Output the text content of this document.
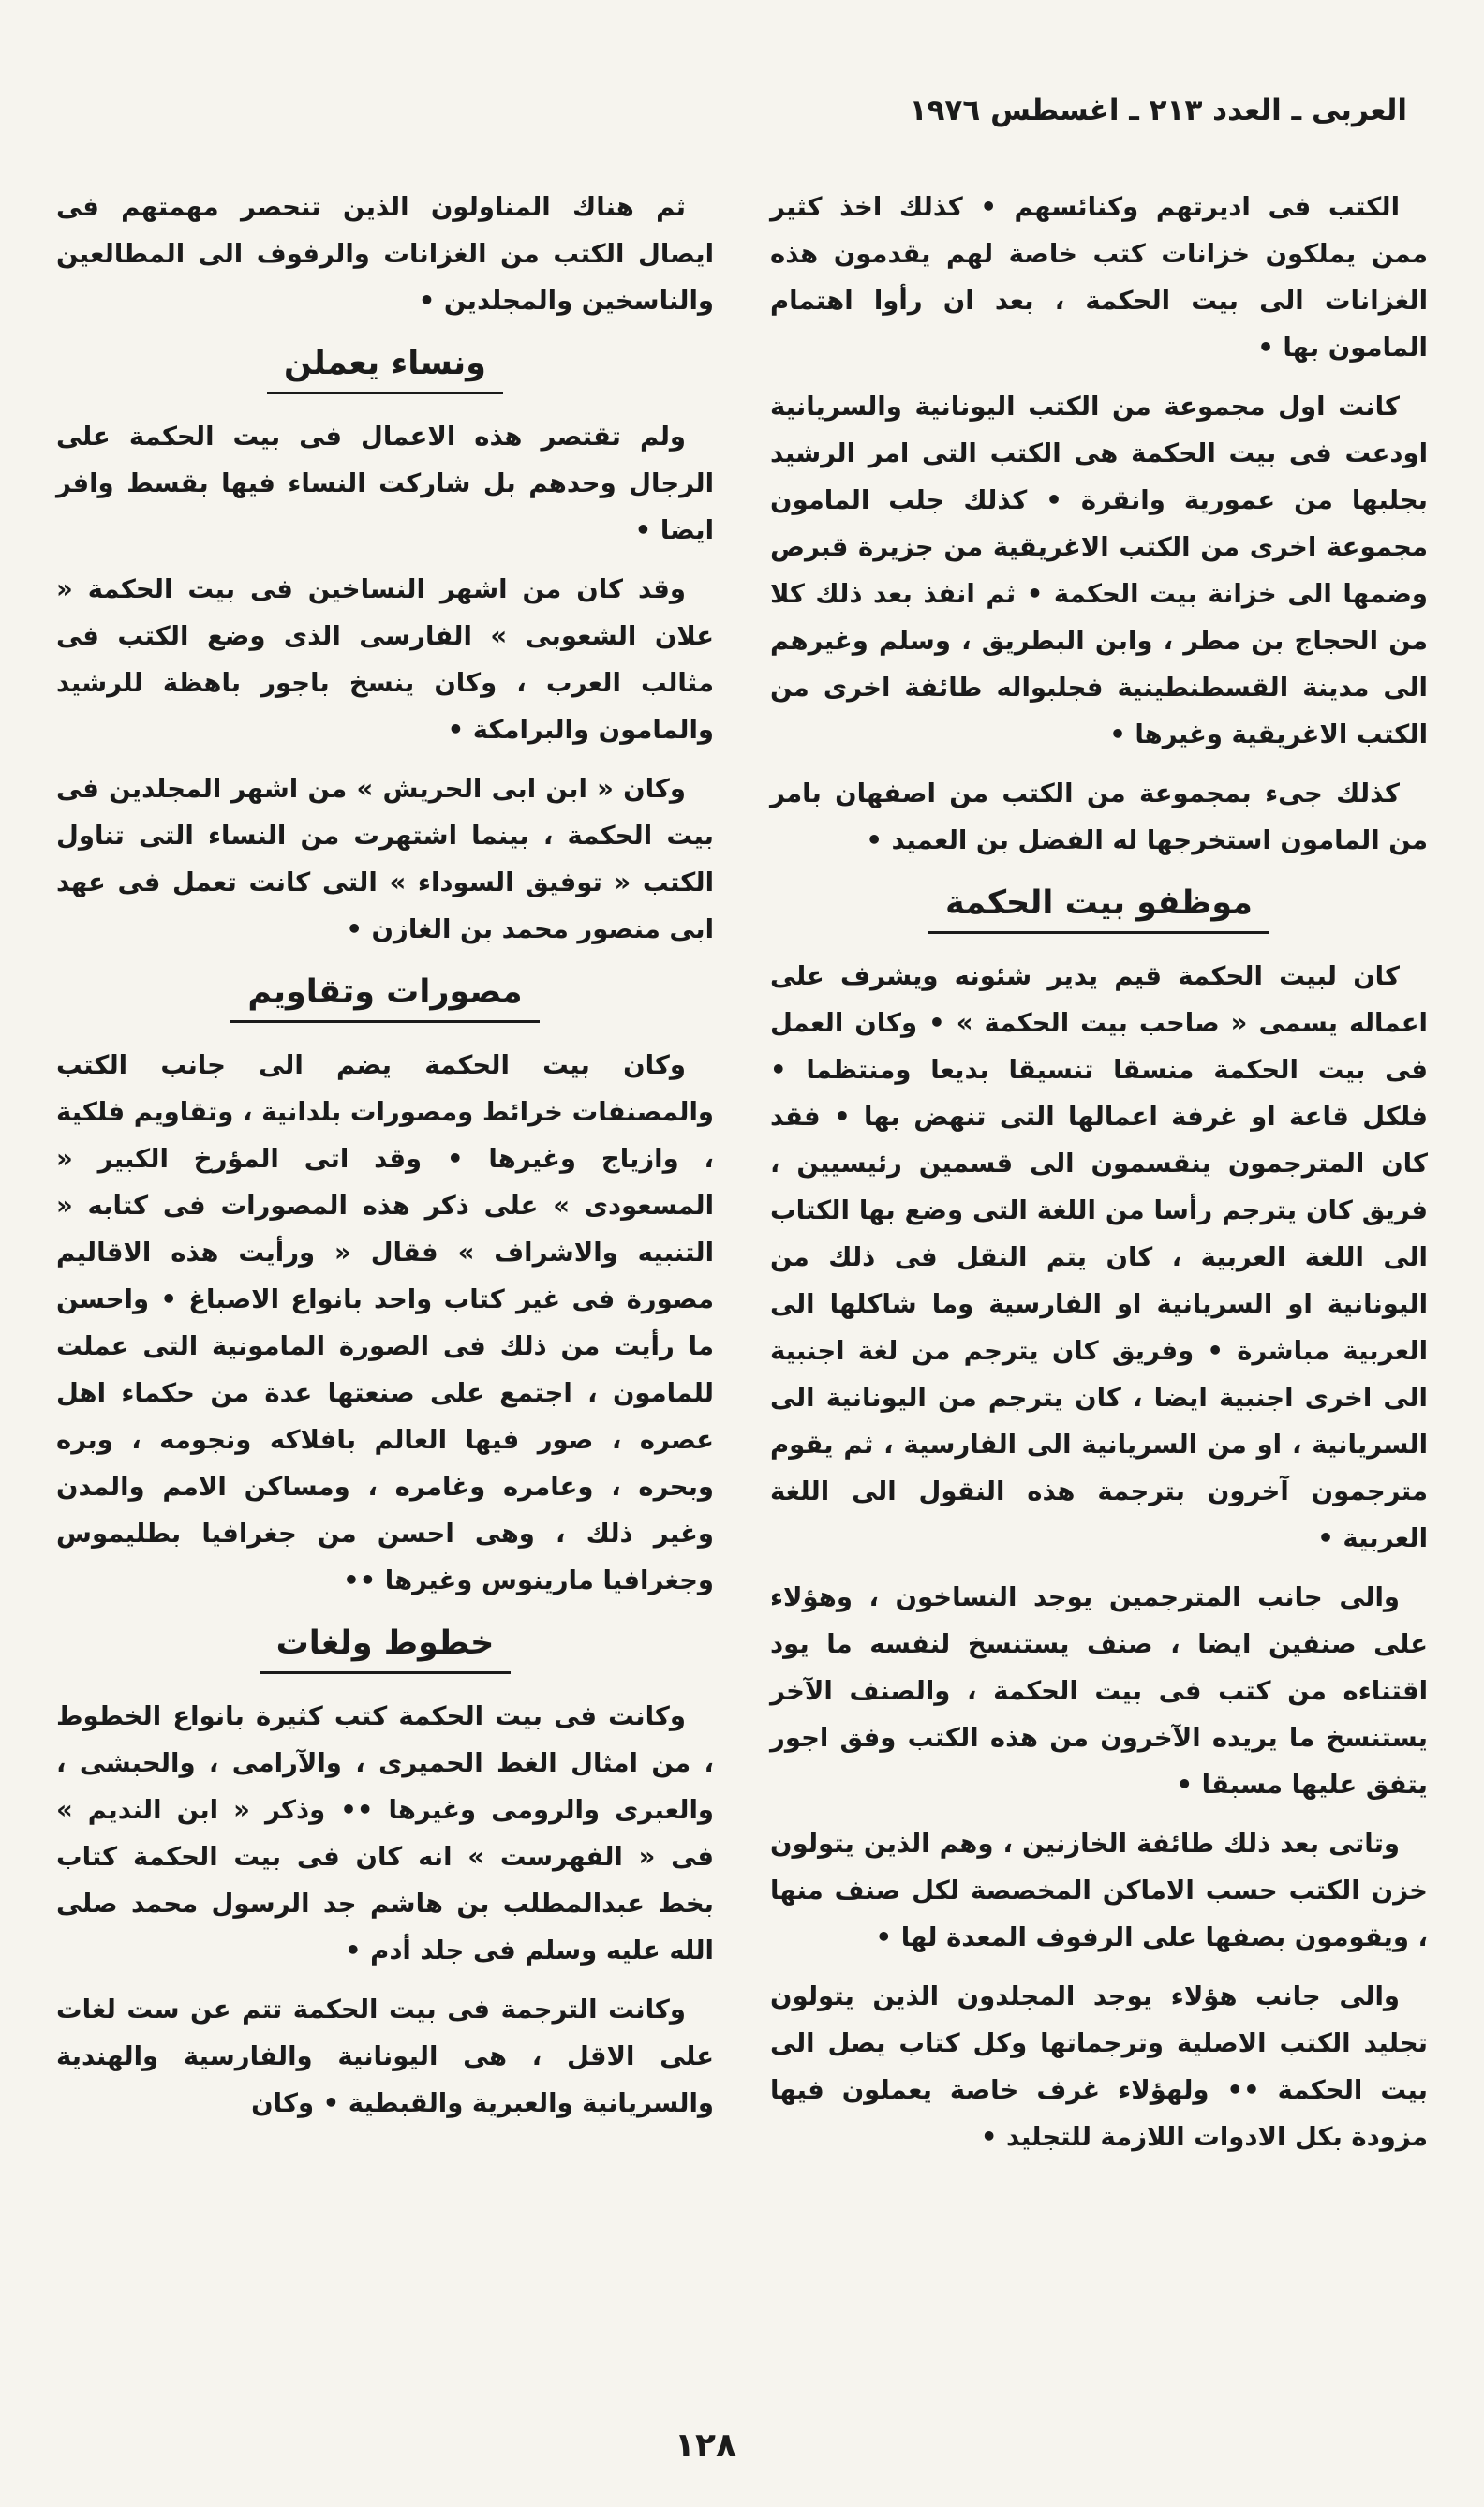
العربى ـ العدد ٢١٣ ـ اغسطس ١٩٧٦

الكتب فى اديرتهم وكنائسهم • كذلك اخذ كثير ممن يملكون خزانات كتب خاصة لهم يقدمون هذه الغزانات الى بيت الحكمة ، بعد ان رأوا اهتمام المامون بها •

كانت اول مجموعة من الكتب اليونانية والسريانية اودعت فى بيت الحكمة هى الكتب التى امر الرشيد بجلبها من عمورية وانقرة • كذلك جلب المامون مجموعة اخرى من الكتب الاغريقية من جزيرة قبرص وضمها الى خزانة بيت الحكمة • ثم انفذ بعد ذلك كلا من الحجاج بن مطر ، وابن البطريق ، وسلم وغيرهم الى مدينة القسطنطينية فجلبواله طائفة اخرى من الكتب الاغريقية وغيرها •

كذلك جىء بمجموعة من الكتب من اصفهان بامر من المامون استخرجها له الفضل بن العميد •

موظفو بيت الحكمة

كان لبيت الحكمة قيم يدير شئونه ويشرف على اعماله يسمى « صاحب بيت الحكمة » • وكان العمل فى بيت الحكمة منسقا تنسيقا بديعا ومنتظما • فلكل قاعة او غرفة اعمالها التى تنهض بها • فقد كان المترجمون ينقسمون الى قسمين رئيسيين ، فريق كان يترجم رأسا من اللغة التى وضع بها الكتاب الى اللغة العربية ، كان يتم النقل فى ذلك من اليونانية او السريانية او الفارسية وما شاكلها الى العربية مباشرة • وفريق كان يترجم من لغة اجنبية الى اخرى اجنبية ايضا ، كان يترجم من اليونانية الى السريانية ، او من السريانية الى الفارسية ، ثم يقوم مترجمون آخرون بترجمة هذه النقول الى اللغة العربية •

والى جانب المترجمين يوجد النساخون ، وهؤلاء على صنفين ايضا ، صنف يستنسخ لنفسه ما يود اقتناءه من كتب فى بيت الحكمة ، والصنف الآخر يستنسخ ما يريده الآخرون من هذه الكتب وفق اجور يتفق عليها مسبقا •

وتاتى بعد ذلك طائفة الخازنين ، وهم الذين يتولون خزن الكتب حسب الاماكن المخصصة لكل صنف منها ، ويقومون بصفها على الرفوف المعدة لها •

والى جانب هؤلاء يوجد المجلدون الذين يتولون تجليد الكتب الاصلية وترجماتها وكل كتاب يصل الى بيت الحكمة •• ولهؤلاء غرف خاصة يعملون فيها مزودة بكل الادوات اللازمة للتجليد •

ثم هناك المناولون الذين تنحصر مهمتهم فى ايصال الكتب من الغزانات والرفوف الى المطالعين والناسخين والمجلدين •

ونساء يعملن

ولم تقتصر هذه الاعمال فى بيت الحكمة على الرجال وحدهم بل شاركت النساء فيها بقسط وافر ايضا •

وقد كان من اشهر النساخين فى بيت الحكمة « علان الشعوبى » الفارسى الذى وضع الكتب فى مثالب العرب ، وكان ينسخ باجور باهظة للرشيد والمامون والبرامكة •

وكان « ابن ابى الحريش » من اشهر المجلدين فى بيت الحكمة ، بينما اشتهرت من النساء التى تناول الكتب « توفيق السوداء » التى كانت تعمل فى عهد ابى منصور محمد بن الغازن •

مصورات وتقاويم

وكان بيت الحكمة يضم الى جانب الكتب والمصنفات خرائط ومصورات بلدانية ، وتقاويم فلكية ، وازياج وغيرها • وقد اتى المؤرخ الكبير « المسعودى » على ذكر هذه المصورات فى كتابه « التنبيه والاشراف » فقال « ورأيت هذه الاقاليم مصورة فى غير كتاب واحد بانواع الاصباغ • واحسن ما رأيت من ذلك فى الصورة المامونية التى عملت للمامون ، اجتمع على صنعتها عدة من حكماء اهل عصره ، صور فيها العالم بافلاكه ونجومه ، وبره وبحره ، وعامره وغامره ، ومساكن الامم والمدن وغير ذلك ، وهى احسن من جغرافيا بطليموس وجغرافيا مارينوس وغيرها ••

خطوط ولغات

وكانت فى بيت الحكمة كتب كثيرة بانواع الخطوط ، من امثال الغط الحميرى ، والآرامى ، والحبشى ، والعبرى والرومى وغيرها •• وذكر « ابن النديم » فى « الفهرست » انه كان فى بيت الحكمة كتاب بخط عبدالمطلب بن هاشم جد الرسول محمد صلى الله عليه وسلم فى جلد أدم •

وكانت الترجمة فى بيت الحكمة تتم عن ست لغات على الاقل ، هى اليونانية والفارسية والهندية والسريانية والعبرية والقبطية • وكان

١٢٨
